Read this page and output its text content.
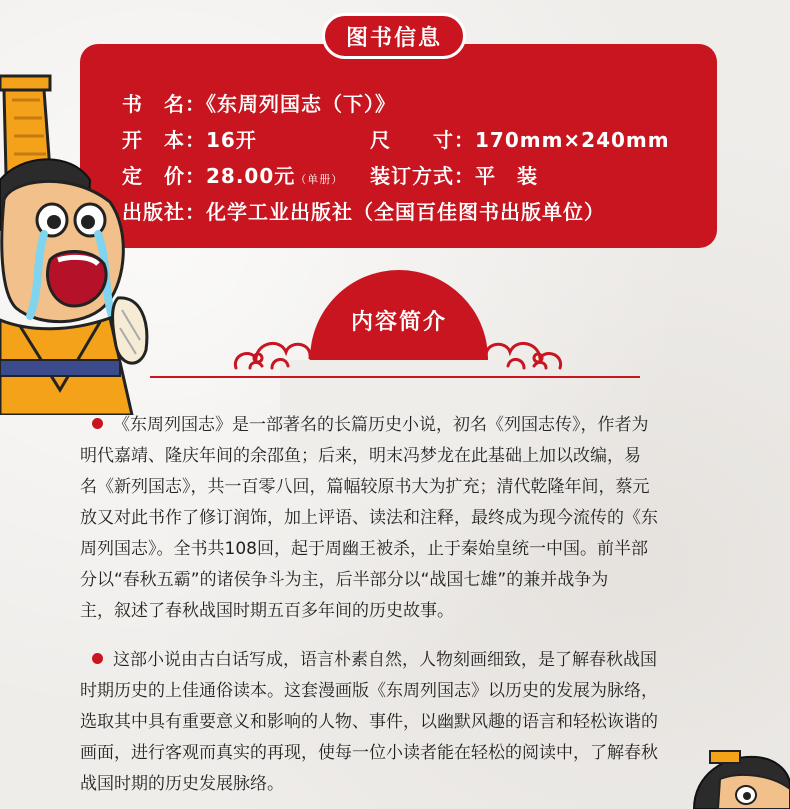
书　名：《东周列国志（下）》
开　本：16开	尺　　寸：170mm×240mm
定　价：28.00元（单册） 装订方式：平　装
出版社：化学工业出版社（全国百佳图书出版单位）
图书信息
内容简介
《东周列国志》是一部著名的长篇历史小说，初名《列国志传》，作者为
明代嘉靖、隆庆年间的余邵鱼；后来，明末冯梦龙在此基础上加以改编，易
名《新列国志》，共一百零八回，篇幅较原书大为扩充；清代乾隆年间，蔡元
放又对此书作了修订润饰，加上评语、读法和注释，最终成为现今流传的《东
周列国志》。全书共108回，起于周幽王被杀，止于秦始皇统一中国。前半部
分以“春秋五霸”的诸侯争斗为主，后半部分以“战国七雄”的兼并战争为
主，叙述了春秋战国时期五百多年间的历史故事。
这部小说由古白话写成，语言朴素自然，人物刻画细致，是了解春秋战国
时期历史的上佳通俗读本。这套漫画版《东周列国志》以历史的发展为脉络，
选取其中具有重要意义和影响的人物、事件，以幽默风趣的语言和轻松诙谐的
画面，进行客观而真实的再现，使每一位小读者能在轻松的阅读中，了解春秋
战国时期的历史发展脉络。
